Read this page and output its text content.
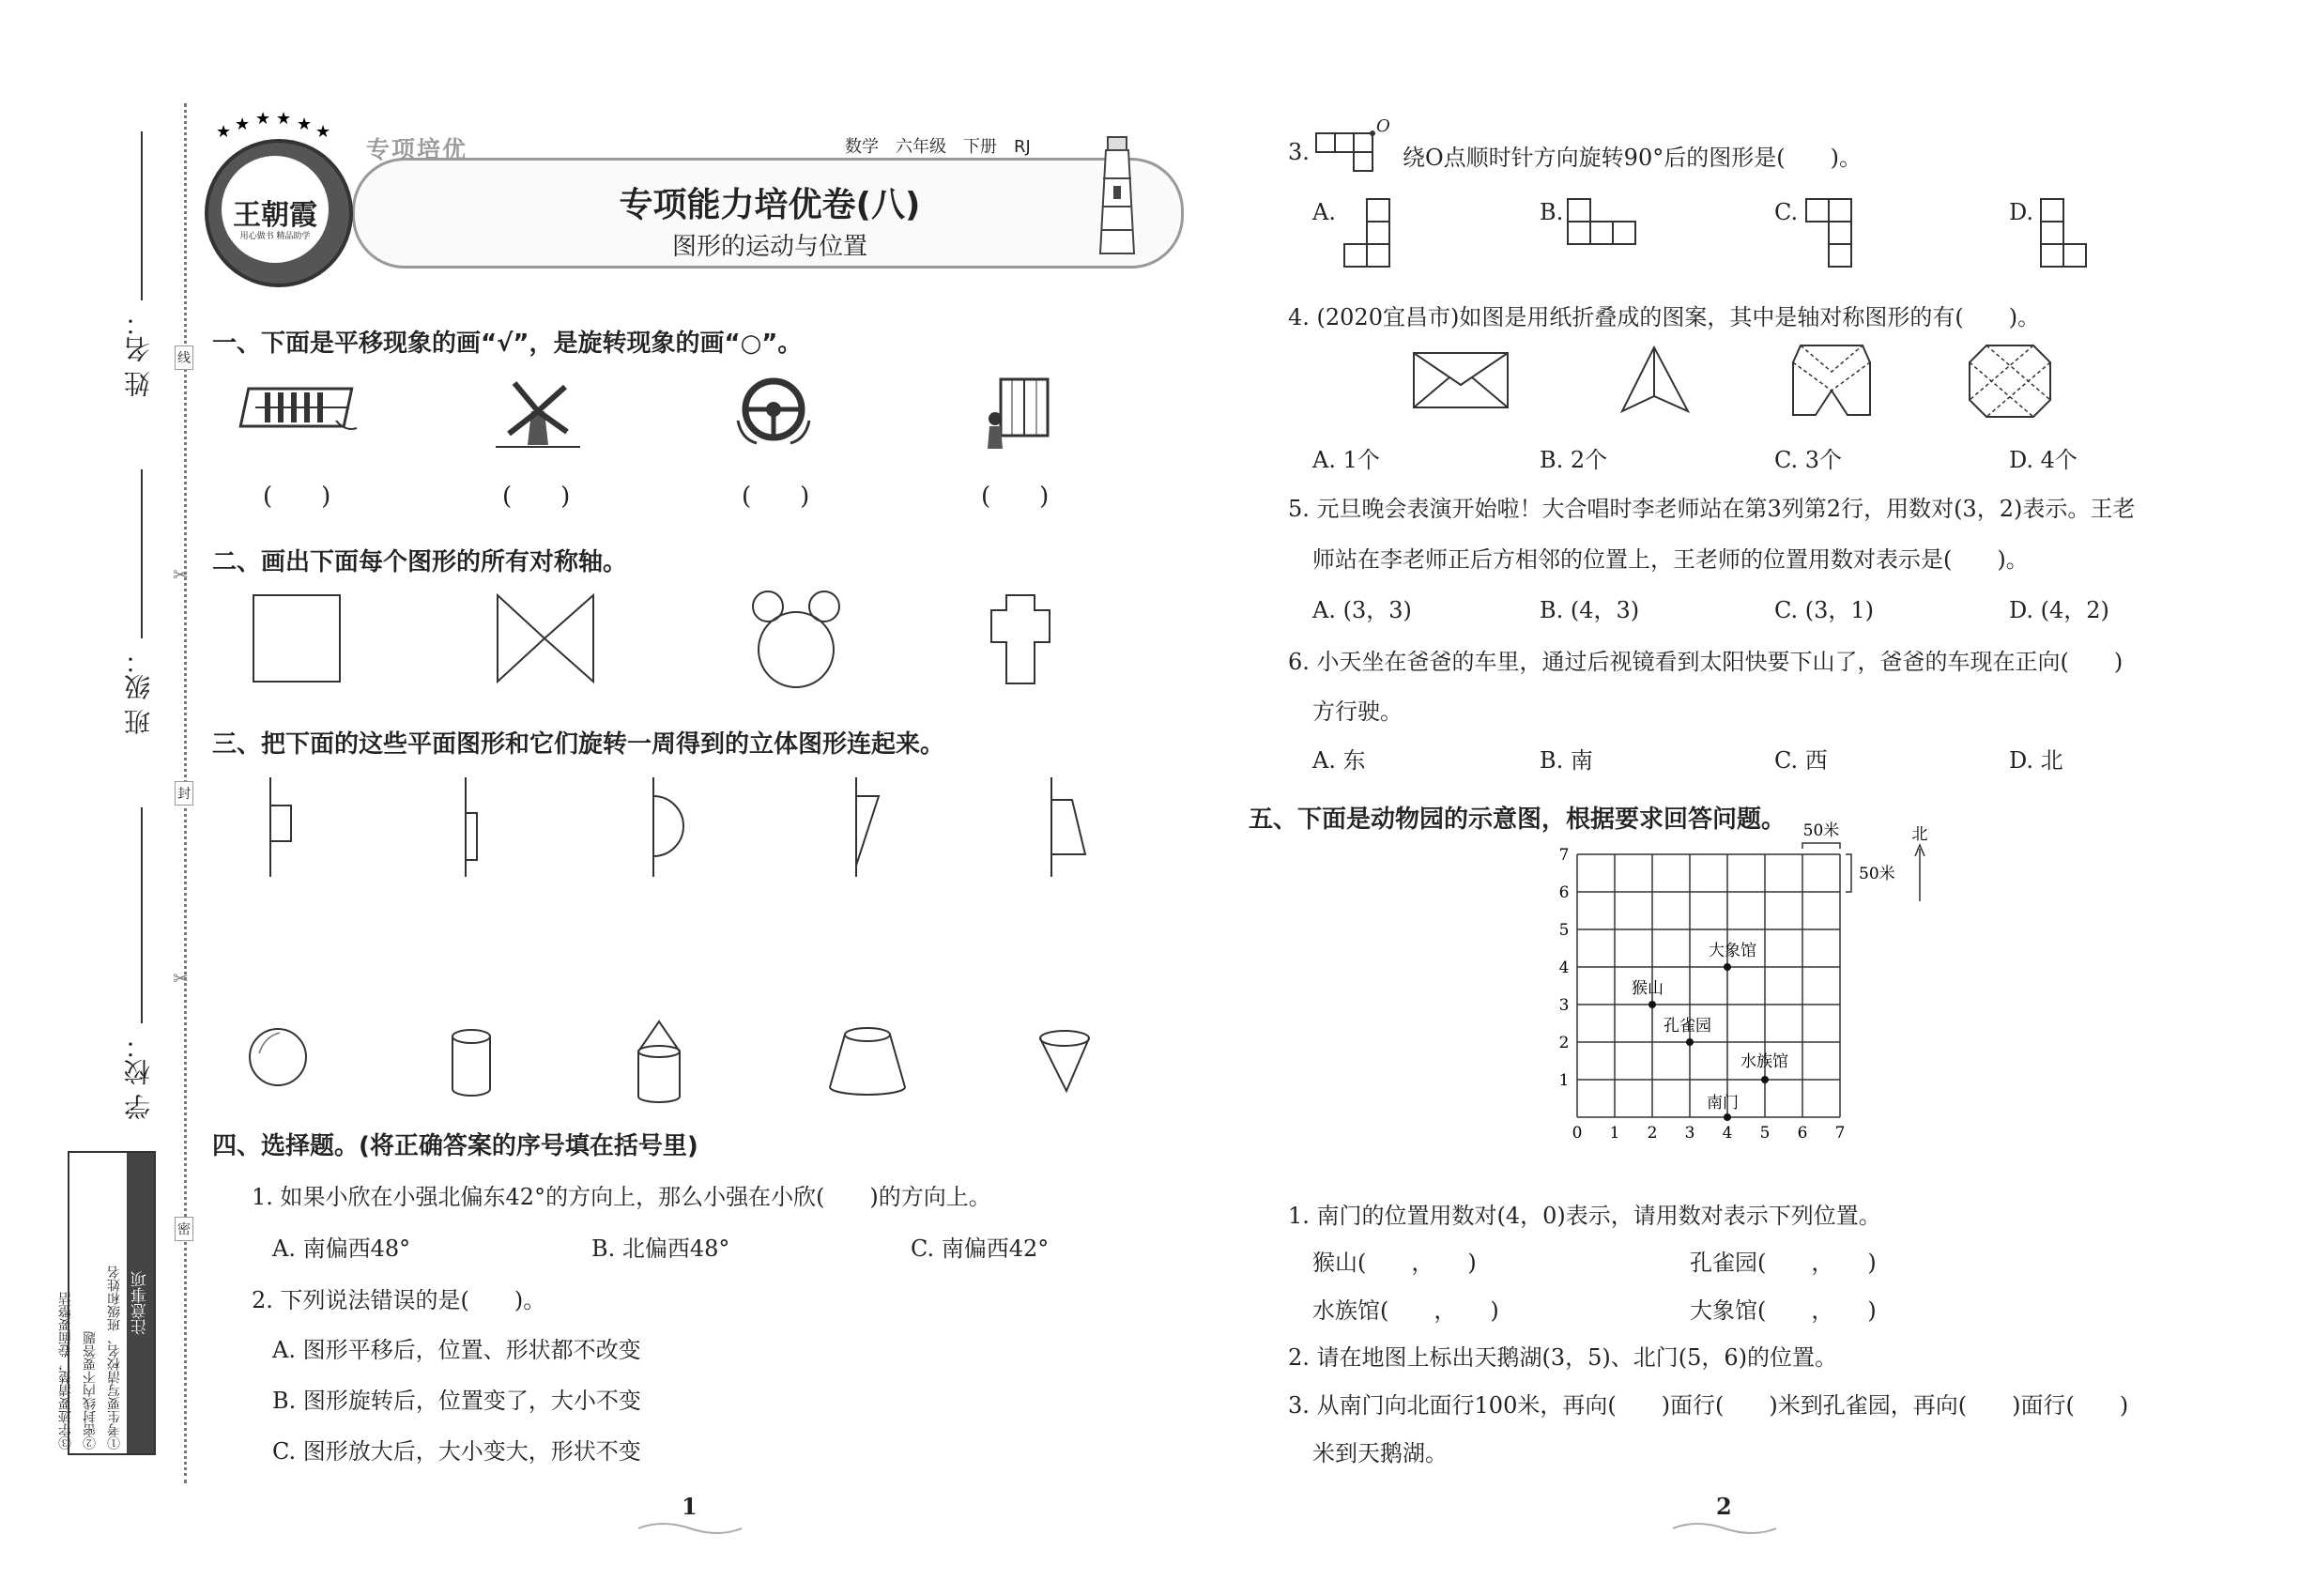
姓 名：
班 级：
学 校：
线
封
密
✂
✂
注意事项
①考生要写清校名、班级和姓名
②密封线内不要答题
③字迹要清楚，卷面要整洁
专项培优	数学　六年级　下册　RJ
专项能力培优卷(八)
图形的运动与位置
王朝霞
用心做书 精品助学
★ ★ ★ ★ ★ ★
一、下面是平移现象的画“√”，是旋转现象的画“○”。
(　　)	(　　)	(　　)	(　　)
二、画出下面每个图形的所有对称轴。
三、把下面的这些平面图形和它们旋转一周得到的立体图形连起来。
四、选择题。(将正确答案的序号填在括号里)
1. 如果小欣在小强北偏东42°的方向上，那么小强在小欣(　　)的方向上。
A. 南偏西48°	B. 北偏西48°	C. 南偏西42°
2. 下列说法错误的是(　　)。
A. 图形平移后，位置、形状都不改变
B. 图形旋转后，位置变了，大小不变
C. 图形放大后，大小变大，形状不变
3.
O
绕O点顺时针方向旋转90°后的图形是(　　)。
A.	B.	C.	D.
4. (2020宜昌市)如图是用纸折叠成的图案，其中是轴对称图形的有(　　)。
A. 1个	B. 2个	C. 3个	D. 4个
5. 元旦晚会表演开始啦！大合唱时李老师站在第3列第2行，用数对(3，2)表示。王老
师站在李老师正后方相邻的位置上，王老师的位置用数对表示是(　　)。
A. (3，3)	B. (4，3)	C. (3，1)	D. (4，2)
6. 小天坐在爸爸的车里，通过后视镜看到太阳快要下山了，爸爸的车现在正向(　　)
方行驶。
A. 东	B. 南	C. 西	D. 北
五、下面是动物园的示意图，根据要求回答问题。
0 1 2 3 4 5 6 7
1
2
3
4
5
6
7
50米
50米
北
大象馆
猴山
孔雀园
水族馆
南门
1. 南门的位置用数对(4，0)表示，请用数对表示下列位置。
猴山(　　，　　)	孔雀园(　　，　　)
水族馆(　　，　　)	大象馆(　　，　　)
2. 请在地图上标出天鹅湖(3，5)、北门(5，6)的位置。
3. 从南门向北面行100米，再向(　　)面行(　　)米到孔雀园，再向(　　)面行(　　)
米到天鹅湖。
1	2
